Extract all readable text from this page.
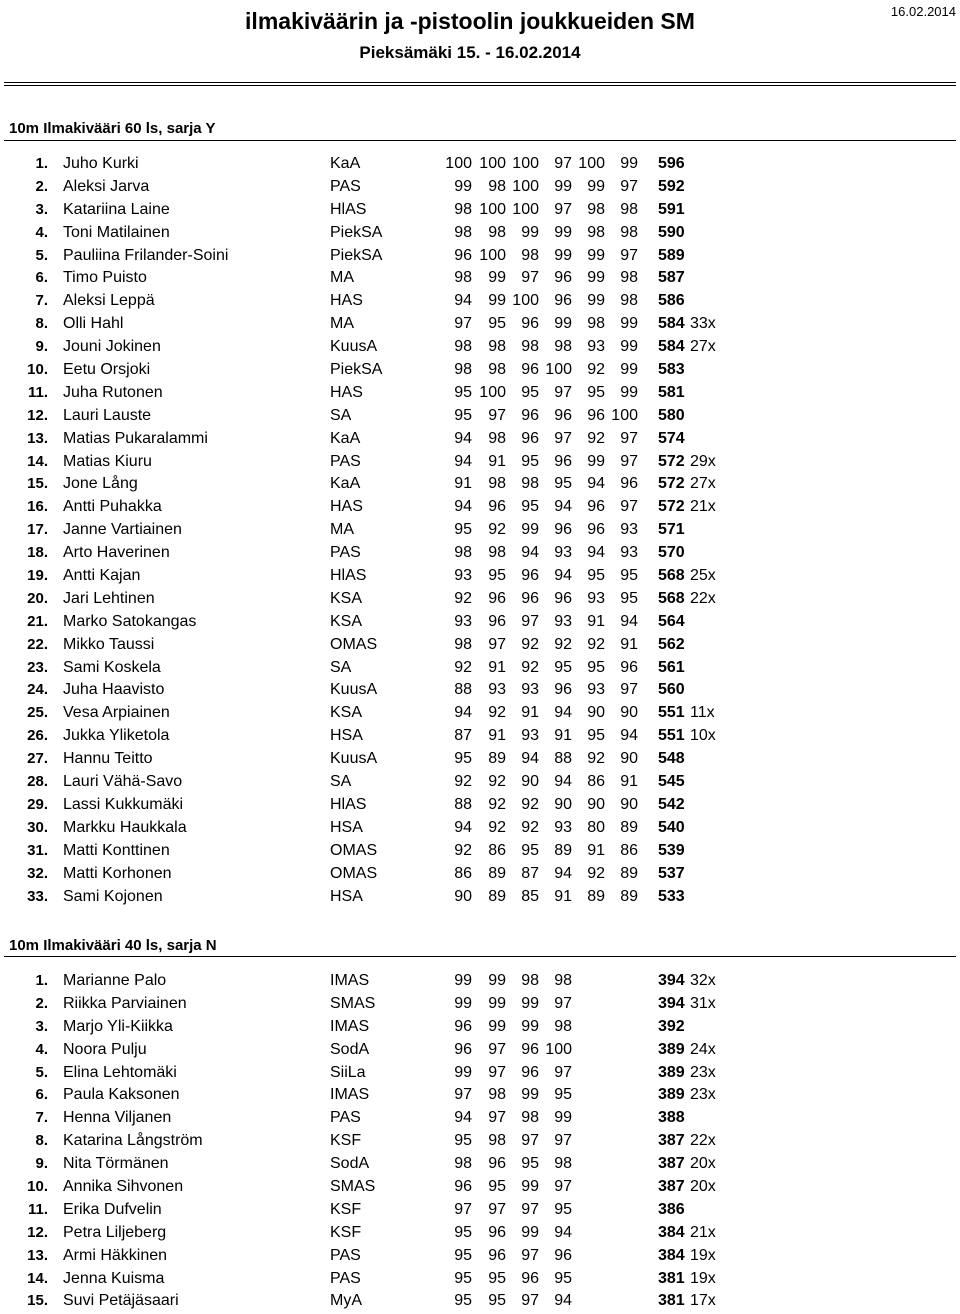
ilmakiväärin ja -pistoolin joukkueiden SM
Pieksämäki 15. - 16.02.2014
16.02.2014
10m Ilmakivääri 60 ls, sarja Y
1. Juho Kurki	KaA	100 100 100 97 100 99 596
2. Aleksi Jarva	PAS	99	98 100 99 99 97 592
3. Katariina Laine	HlAS	98 100 100 97 98 98 591
4. Toni Matilainen	PiekSA	98	98 99 99 98 98 590
5. Pauliina Frilander-Soini	PiekSA	96 100 98 99 99 97 589
6. Timo Puisto	MA	98	99 97 96 99 98 587
7. Aleksi Leppä	HAS	94	99 100 96 99 98 586
8. Olli Hahl	MA	97	95 96 99 98 99 584 33x
9. Jouni Jokinen	KuusA	98	98 98 98 93 99 584 27x
10. Eetu Orsjoki	PiekSA	98	98 96 100 92 99 583
11. Juha Rutonen	HAS	95 100 95 97 95 99 581
12. Lauri Lauste	SA	95	97 96 96 96 100 580
13. Matias Pukaralammi	KaA	94	98 96 97 92 97 574
14. Matias Kiuru	PAS	94	91 95 96 99 97 572 29x
15. Jone Lång	KaA	91	98 98 95 94 96 572 27x
16. Antti Puhakka	HAS	94	96 95 94 96 97 572 21x
17. Janne Vartiainen	MA	95	92 99 96 96 93 571
18. Arto Haverinen	PAS	98	98 94 93 94 93 570
19. Antti Kajan	HlAS	93	95 96 94 95 95 568 25x
20. Jari Lehtinen	KSA	92	96 96 96 93 95 568 22x
21. Marko Satokangas	KSA	93	96 97 93 91 94 564
22. Mikko Taussi	OMAS	98	97 92 92 92 91 562
23. Sami Koskela	SA	92	91 92 95 95 96 561
24. Juha Haavisto	KuusA	88	93 93 96 93 97 560
25. Vesa Arpiainen	KSA	94	92 91 94 90 90 551 11x
26. Jukka Yliketola	HSA	87	91 93 91 95 94 551 10x
27. Hannu Teitto	KuusA	95	89 94 88 92 90 548
28. Lauri Vähä-Savo	SA	92	92 90 94 86 91 545
29. Lassi Kukkumäki	HlAS	88	92 92 90 90 90 542
30. Markku Haukkala	HSA	94	92 92 93 80 89 540
31. Matti Konttinen	OMAS	92	86 95 89 91 86 539
32. Matti Korhonen	OMAS	86	89 87 94 92 89 537
33. Sami Kojonen	HSA	90	89 85 91 89 89 533
10m Ilmakivääri 40 ls, sarja N
1. Marianne Palo	IMAS	99	99 98 98	394 32x
2. Riikka Parviainen	SMAS	99	99 99 97	394 31x
3. Marjo Yli-Kiikka	IMAS	96	99 99 98	392
4. Noora Pulju	SodA	96	97 96 100	389 24x
5. Elina Lehtomäki	SiiLa	99	97 96 97	389 23x
6. Paula Kaksonen	IMAS	97	98 99 95	389 23x
7. Henna Viljanen	PAS	94	97 98 99	388
8. Katarina Långström	KSF	95	98 97 97	387 22x
9. Nita Törmänen	SodA	98	96 95 98	387 20x
10. Annika Sihvonen	SMAS	96	95 99 97	387 20x
11. Erika Dufvelin	KSF	97	97 97 95	386
12. Petra Liljeberg	KSF	95	96 99 94	384 21x
13. Armi Häkkinen	PAS	95	96 97 96	384 19x
14. Jenna Kuisma	PAS	95	95 96 95	381 19x
15. Suvi Petäjäsaari	MyA	95	95 97 94	381 17x
